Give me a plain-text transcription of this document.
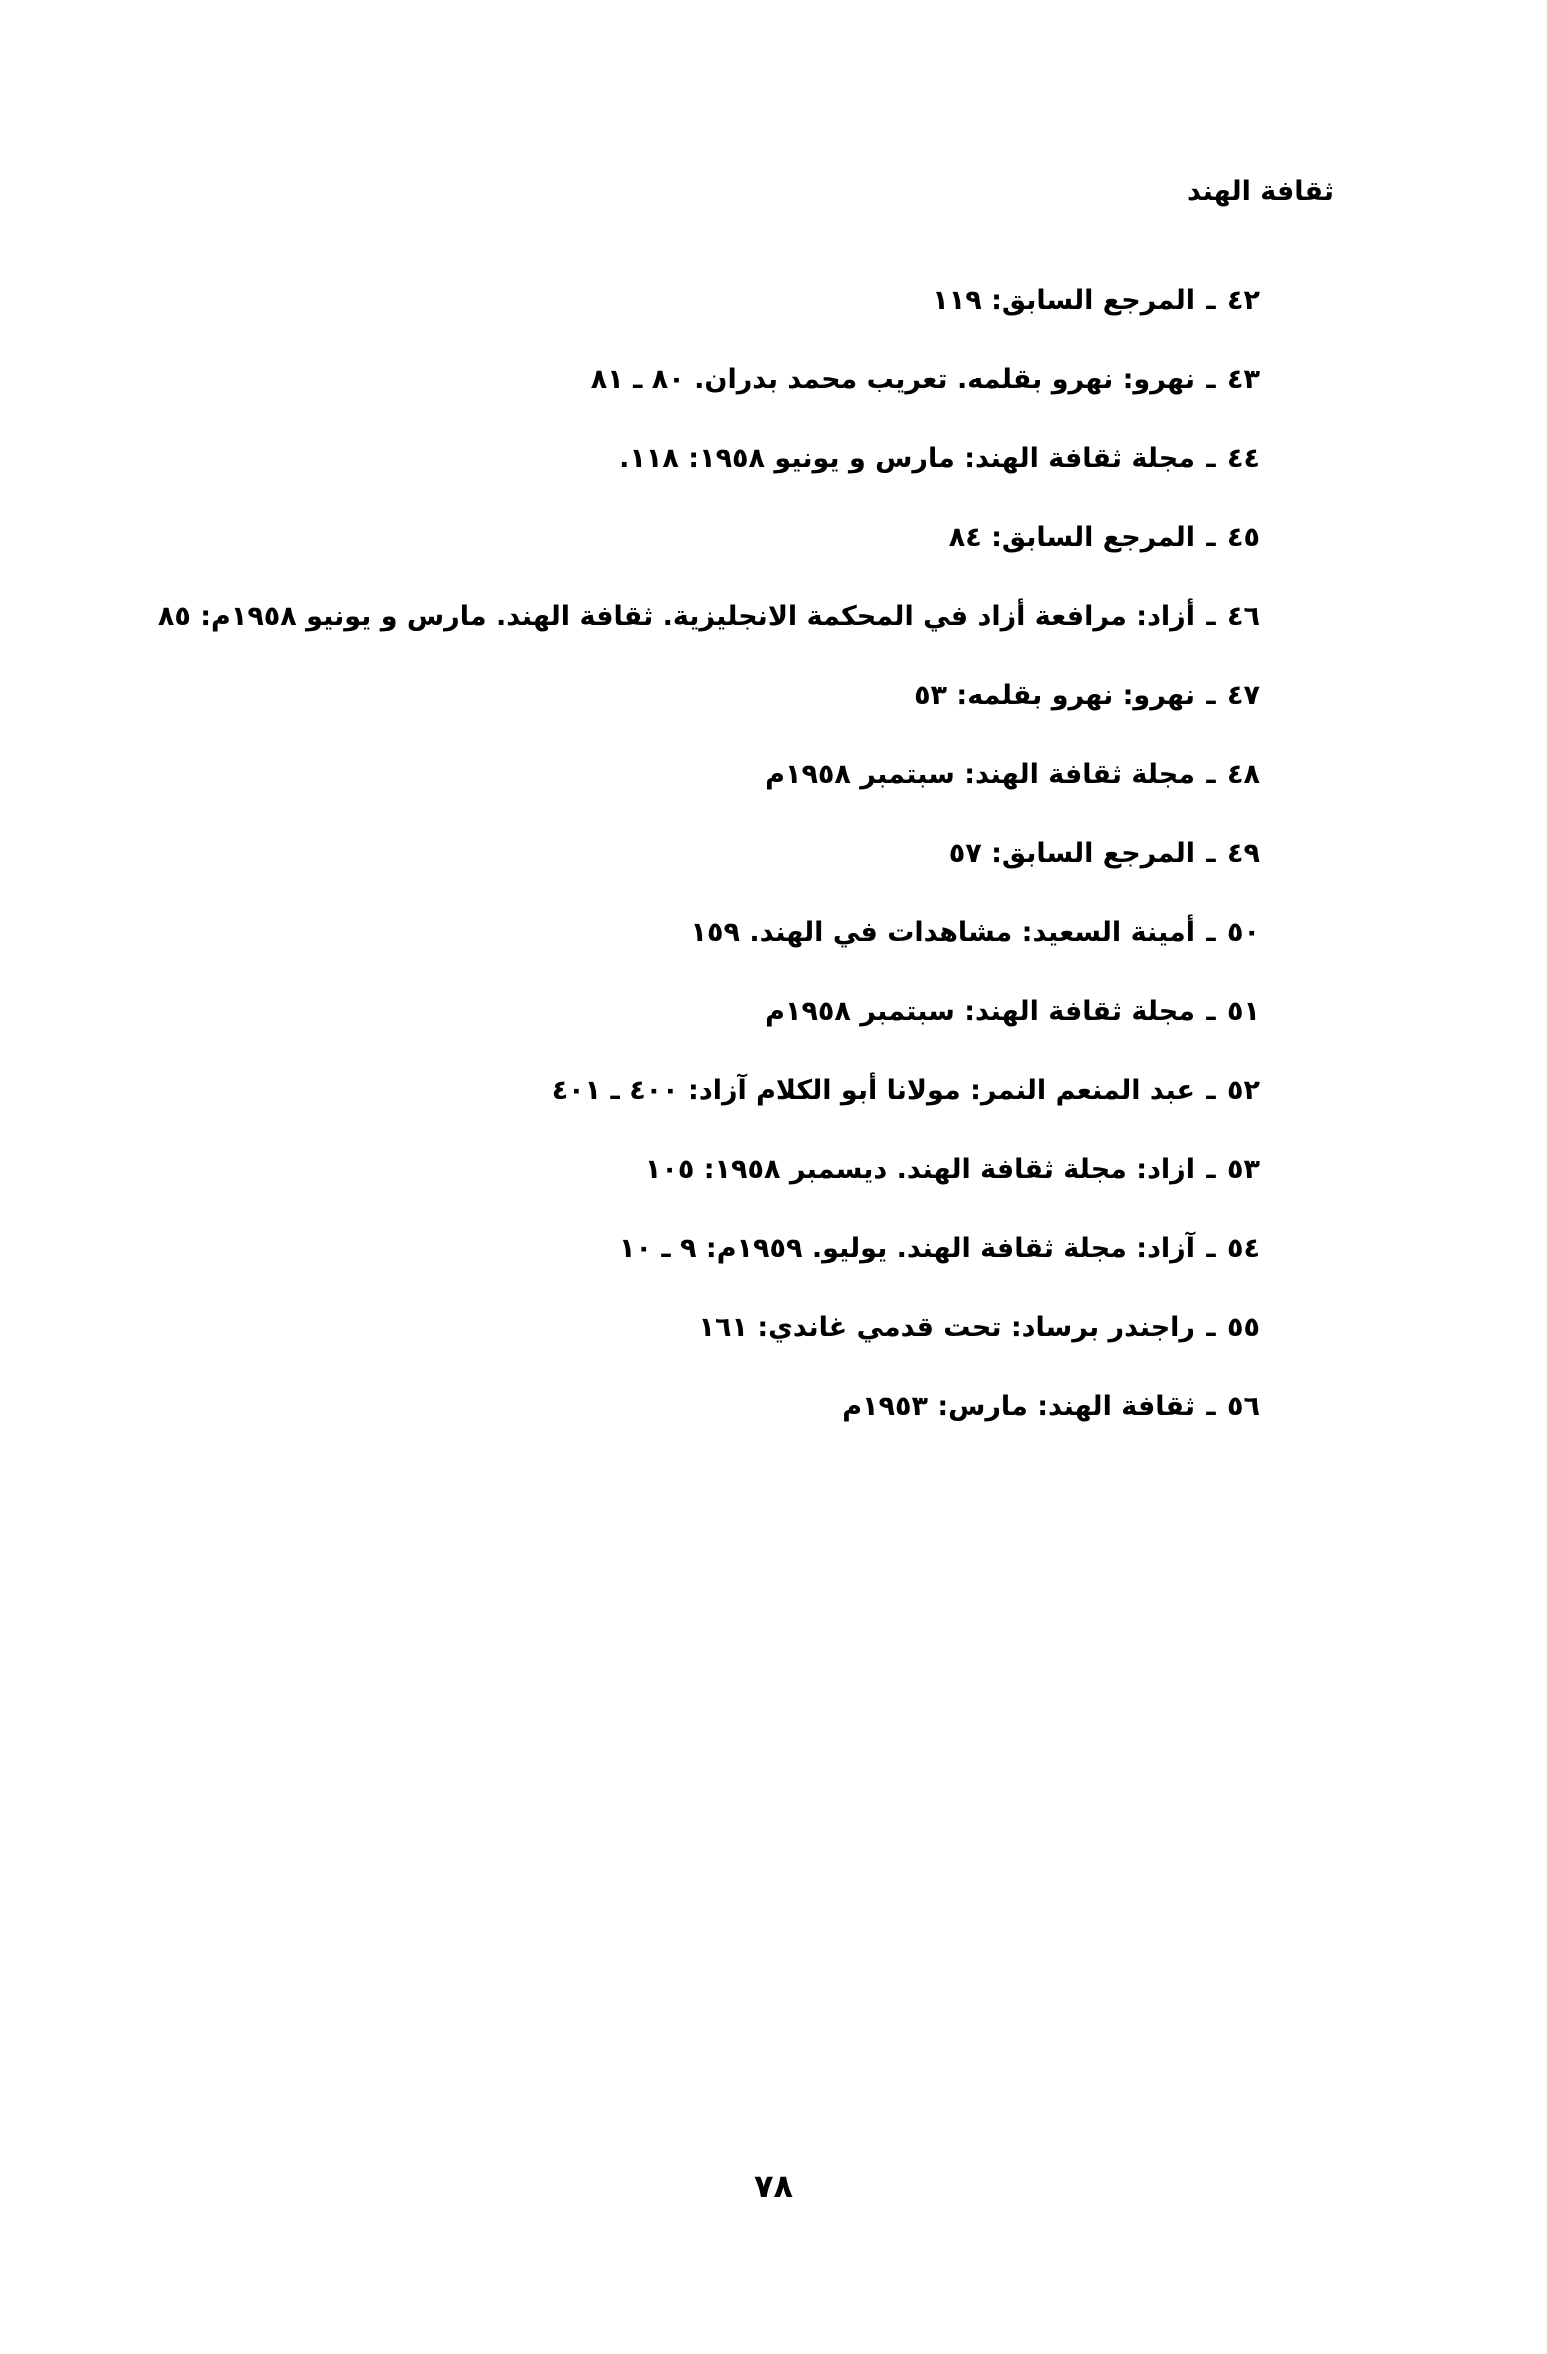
ثقافة الهند
٤٢ ـ المرجع السابق: ١١٩
٤٣ ـ نهرو: نهرو بقلمه. تعريب محمد بدران. ٨٠ ـ ٨١
٤٤ ـ مجلة ثقافة الهند: مارس و يونيو ١٩٥٨: ١١٨.
٤٥ ـ المرجع السابق: ٨٤
٤٦ ـ أزاد: مرافعة أزاد في المحكمة الانجليزية. ثقافة الهند. مارس و يونيو ١٩٥٨م: ٨٥
٤٧ ـ نهرو: نهرو بقلمه: ٥٣
٤٨ ـ مجلة ثقافة الهند: سبتمبر ١٩٥٨م
٤٩ ـ المرجع السابق: ٥٧
٥٠ ـ أمينة السعيد: مشاهدات في الهند. ١٥٩
٥١ ـ مجلة ثقافة الهند: سبتمبر ١٩٥٨م
٥٢ ـ عبد المنعم النمر: مولانا أبو الكلام آزاد: ٤٠٠ ـ ٤٠١
٥٣ ـ ازاد: مجلة ثقافة الهند. ديسمبر ١٩٥٨: ١٠٥
٥٤ ـ آزاد: مجلة ثقافة الهند. يوليو. ١٩٥٩م: ٩ ـ ١٠
٥٥ ـ راجندر برساد: تحت قدمي غاندي: ١٦١
٥٦ ـ ثقافة الهند: مارس: ١٩٥٣م
٧٨
